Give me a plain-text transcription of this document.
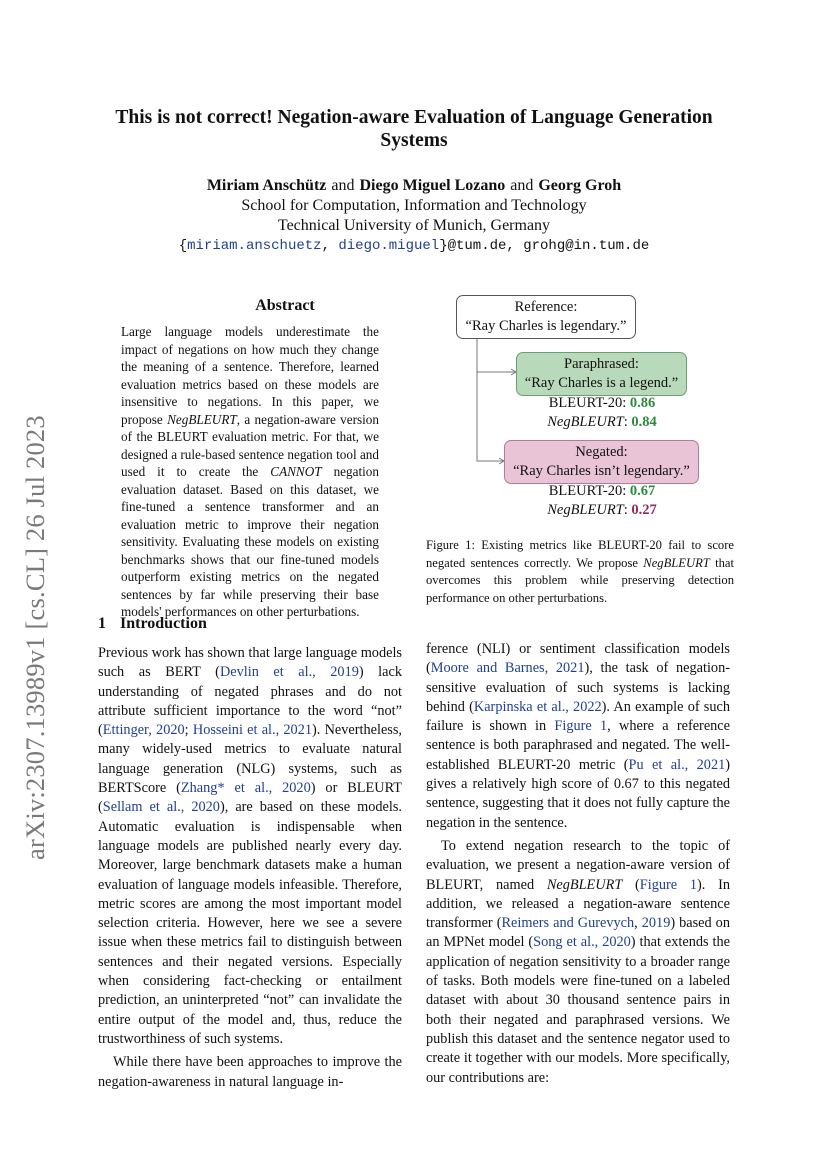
arXiv:2307.13989v1 [cs.CL] 26 Jul 2023
This is not correct! Negation-aware Evaluation of Language Generation Systems
Miriam Anschütz and Diego Miguel Lozano and Georg Groh
School for Computation, Information and Technology
Technical University of Munich, Germany
{miriam.anschuetz, diego.miguel}@tum.de, grohg@in.tum.de
Abstract
Large language models underestimate the impact of negations on how much they change the meaning of a sentence. Therefore, learned evaluation metrics based on these models are insensitive to negations. In this paper, we propose NegBLEURT, a negation-aware version of the BLEURT evaluation metric. For that, we designed a rule-based sentence negation tool and used it to create the CANNOT negation evaluation dataset. Based on this dataset, we fine-tuned a sentence transformer and an evaluation metric to improve their negation sensitivity. Evaluating these models on existing benchmarks shows that our fine-tuned models outperform existing metrics on the negated sentences by far while preserving their base models' performances on other perturbations.
Reference:
“Ray Charles is legendary.”
Paraphrased:
“Ray Charles is a legend.”
BLEURT-20: 0.86
NegBLEURT: 0.84
Negated:
“Ray Charles isn’t legendary.”
BLEURT-20: 0.67
NegBLEURT: 0.27
Figure 1: Existing metrics like BLEURT-20 fail to score negated sentences correctly. We propose NegBLEURT that overcomes this problem while preserving detection performance on other perturbations.
1 Introduction

Previous work has shown that large language models such as BERT (Devlin et al., 2019) lack understanding of negated phrases and do not attribute sufficient importance to the word “not” (Ettinger, 2020; Hosseini et al., 2021). Nevertheless, many widely-used metrics to evaluate natural language generation (NLG) systems, such as BERTScore (Zhang* et al., 2020) or BLEURT (Sellam et al., 2020), are based on these models. Automatic evaluation is indispensable when language models are published nearly every day. Moreover, large benchmark datasets make a human evaluation of language models infeasible. Therefore, metric scores are among the most important model selection criteria. However, here we see a severe issue when these metrics fail to distinguish between sentences and their negated versions. Especially when considering fact-checking or entailment prediction, an uninterpreted “not” can invalidate the entire output of the model and, thus, reduce the trustworthiness of such systems.

While there have been approaches to improve the negation-awareness in natural language in-

ference (NLI) or sentiment classification models (Moore and Barnes, 2021), the task of negation-sensitive evaluation of such systems is lacking behind (Karpinska et al., 2022). An example of such failure is shown in Figure 1, where a reference sentence is both paraphrased and negated. The well-established BLEURT-20 metric (Pu et al., 2021) gives a relatively high score of 0.67 to this negated sentence, suggesting that it does not fully capture the negation in the sentence.

To extend negation research to the topic of evaluation, we present a negation-aware version of BLEURT, named NegBLEURT (Figure 1). In addition, we released a negation-aware sentence transformer (Reimers and Gurevych, 2019) based on an MPNet model (Song et al., 2020) that extends the application of negation sensitivity to a broader range of tasks. Both models were fine-tuned on a labeled dataset with about 30 thousand sentence pairs in both their negated and paraphrased versions. We publish this dataset and the sentence negator used to create it together with our models. More specifically, our contributions are:
